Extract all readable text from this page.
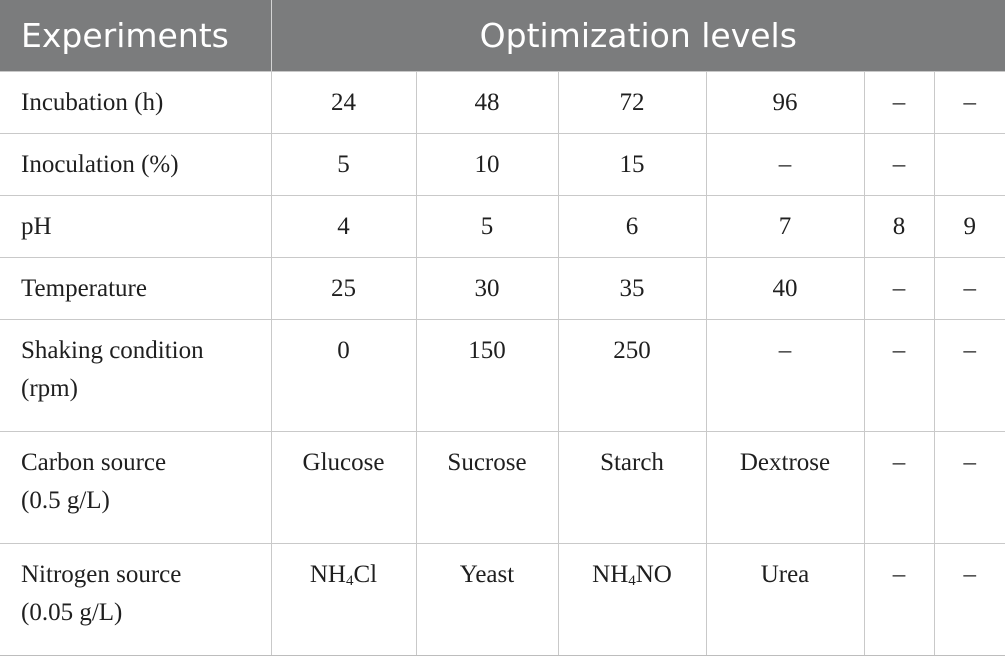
Experiments	Optimization levels					

Incubation (h)	24	48	72	96	–	–

Inoculation (%)	5	10	15	–	–	

pH	4	5	6	7	8	9

Temperature	25	30	35	40	–	–

Shaking condition
(rpm)	0	150	250	–	–	–

Carbon source
(0.5 g/L)	Glucose	Sucrose	Starch	Dextrose	–	–

Nitrogen source
(0.05 g/L)	$NH_4Cl$	Yeast	$NH_4NO$	Urea	–	–
